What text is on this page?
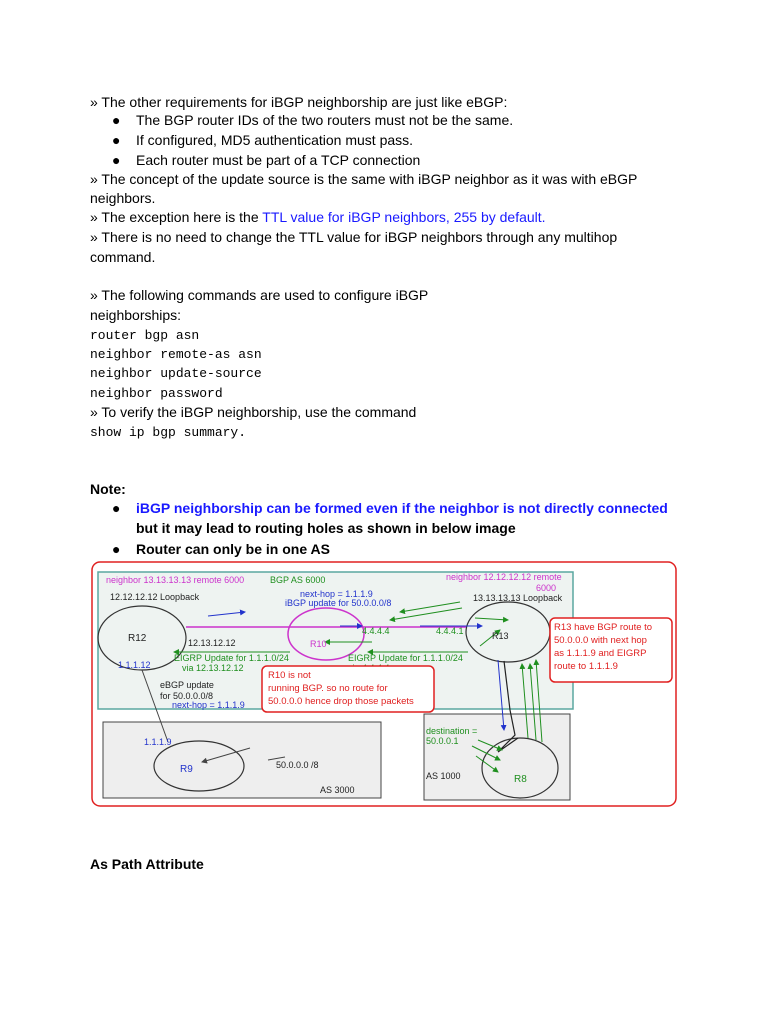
» The other requirements for iBGP neighborship are just like eBGP:
● The BGP router IDs of the two routers must not be the same.
● If configured, MD5 authentication must pass.
● Each router must be part of a TCP connection
» The concept of the update source is the same with iBGP neighbor as it was with eBGP
neighbors.
» The exception here is the TTL value for iBGP neighbors, 255 by default.
» There is no need to change the TTL value for iBGP neighbors through any multihop
command.
» The following commands are used to configure iBGP
neighborships:
router bgp asn
neighbor remote-as asn
neighbor update-source
neighbor password
» To verify the iBGP neighborship, use the command
show ip bgp summary.
Note:
● iBGP neighborship can be formed even if the neighbor is not directly connected
but it may lead to routing holes as shown in below image
● Router can only be in one AS
neighbor 13.13.13.13 remote 6000	BGP AS 6000	neighbor 12.12.12.12 remote
6000
12.12.12.12 Loopback	13.13.13.13 Loopback
next-hop = 1.1.1.9
iBGP update for 50.0.0.0/8
R12	R10
R13
12.13.12.12
4.4.4.4	4.4.4.1
1.1.1.12
EIGRP Update for 1.1.1.0/24
via 12.13.12.12
EIGRP Update for 1.1.1.0/24
eBGP update
for 50.0.0.0/8
next-hop = 1.1.1.9
R10 is not
running BGP. so no route for
50.0.0.0 hence drop those packets
R13 have BGP route to
50.0.0.0 with next hop
as 1.1.1.9 and EIGRP
route to 1.1.1.9
1.1.1.9
R9	50.0.0.0 /8
AS 3000
destination =
50.0.0.1
AS 1000	R8
As Path Attribute
